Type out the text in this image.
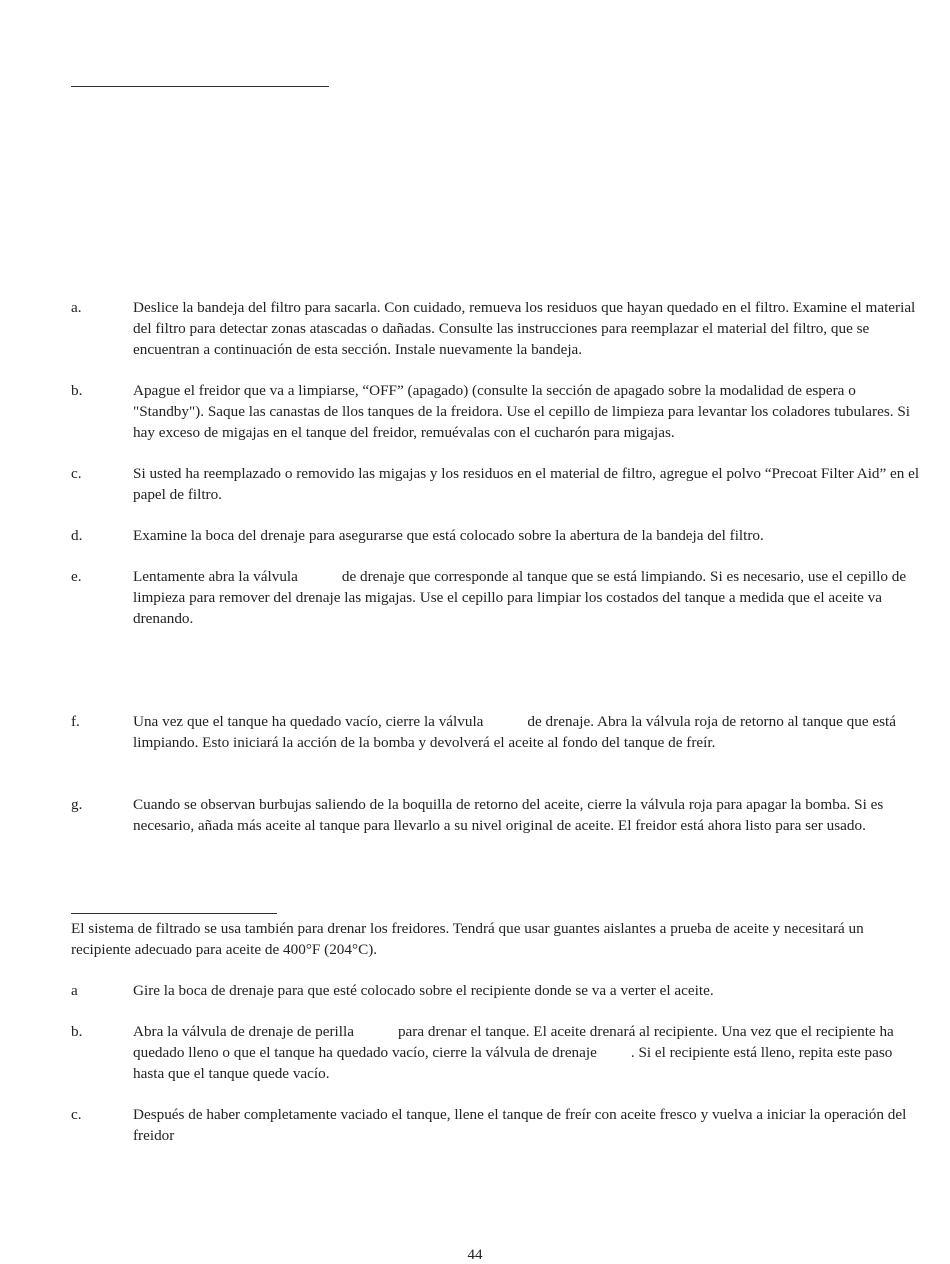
a.	Deslice la bandeja del filtro para sacarla. Con cuidado, remueva los residuos que hayan quedado en el filtro. Examine el material del filtro para detectar zonas atascadas o dañadas. Consulte las instrucciones para reemplazar el material del filtro, que se encuentran a continuación de esta sección. Instale nuevamente la bandeja.
b.	Apague el freidor que va a limpiarse, “OFF” (apagado) (consulte la sección de apagado sobre la modalidad de espera o "Standby"). Saque las canastas de llos tanques de la freidora. Use el cepillo de limpieza para levantar los coladores tubulares. Si hay exceso de migajas en el tanque del freidor, remuévalas con el cucharón para migajas.
c.	Si usted ha reemplazado o removido las migajas y los residuos en el material de filtro, agregue el polvo “Precoat Filter Aid” en el papel de filtro.
d.	Examine la boca del drenaje para asegurarse que está colocado sobre la abertura de la bandeja del filtro.
e.	Lentamente abra la válvula	de drenaje que corresponde al tanque que se está limpiando. Si es necesario, use el cepillo de limpieza para remover del drenaje las migajas. Use el cepillo para limpiar los costados del tanque a medida que el aceite va drenando.
f.	Una vez que el tanque ha quedado vacío, cierre la válvula	de drenaje. Abra la válvula roja de retorno al tanque que está limpiando. Esto iniciará la acción de la bomba y devolverá el aceite al fondo del tanque de freír.
g.	Cuando se observan burbujas saliendo de la boquilla de retorno del aceite, cierre la válvula roja para apagar la bomba. Si es necesario, añada más aceite al tanque para llevarlo a su nivel original de aceite. El freidor está ahora listo para ser usado.
El sistema de filtrado se usa también para drenar los freidores. Tendrá que usar guantes aislantes a prueba de aceite y necesitará un recipiente adecuado para aceite de 400°F (204°C).
a	Gire la boca de drenaje para que esté colocado sobre el recipiente donde se va a verter el aceite.
b.	Abra la válvula de drenaje de perilla	para drenar el tanque. El aceite drenará al recipiente. Una vez que el recipiente ha quedado lleno o que el tanque ha quedado vacío, cierre la válvula de drenaje . Si el recipiente está lleno, repita este paso hasta que el tanque quede vacío.
c.	Después de haber completamente vaciado el tanque, llene el tanque de freír con aceite fresco y vuelva a iniciar la operación del freidor
44
